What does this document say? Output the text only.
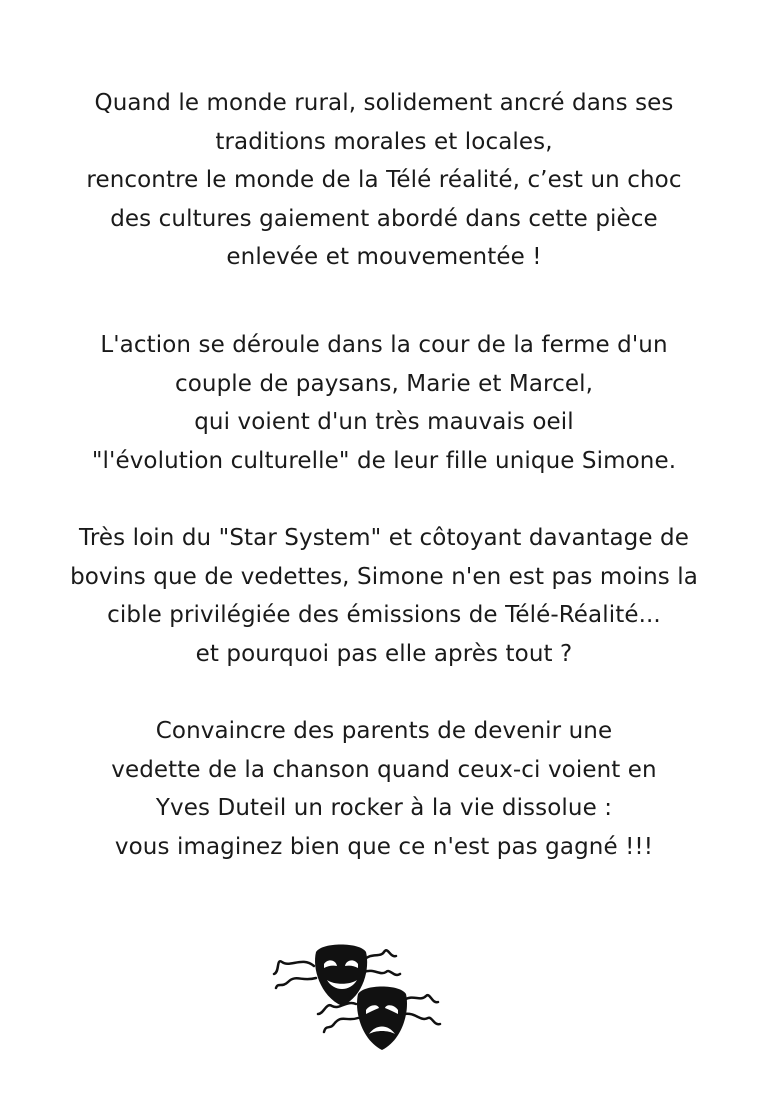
Quand le monde rural, solidement ancré dans ses
traditions morales et locales,
rencontre le monde de la Télé réalité, c’est un choc
des cultures gaiement abordé dans cette pièce
enlevée et mouvementée !
L'action se déroule dans la cour de la ferme d'un
couple de paysans, Marie et Marcel,
qui voient d'un très mauvais oeil
"l'évolution culturelle" de leur fille unique Simone.
Très loin du "Star System" et côtoyant davantage de
bovins que de vedettes, Simone n'en est pas moins la
cible privilégiée des émissions de Télé-Réalité...
et pourquoi pas elle après tout ?
Convaincre des parents de devenir une
vedette de la chanson quand ceux-ci voient en
Yves Duteil un rocker à la vie dissolue :
vous imaginez bien que ce n'est pas gagné !!!
